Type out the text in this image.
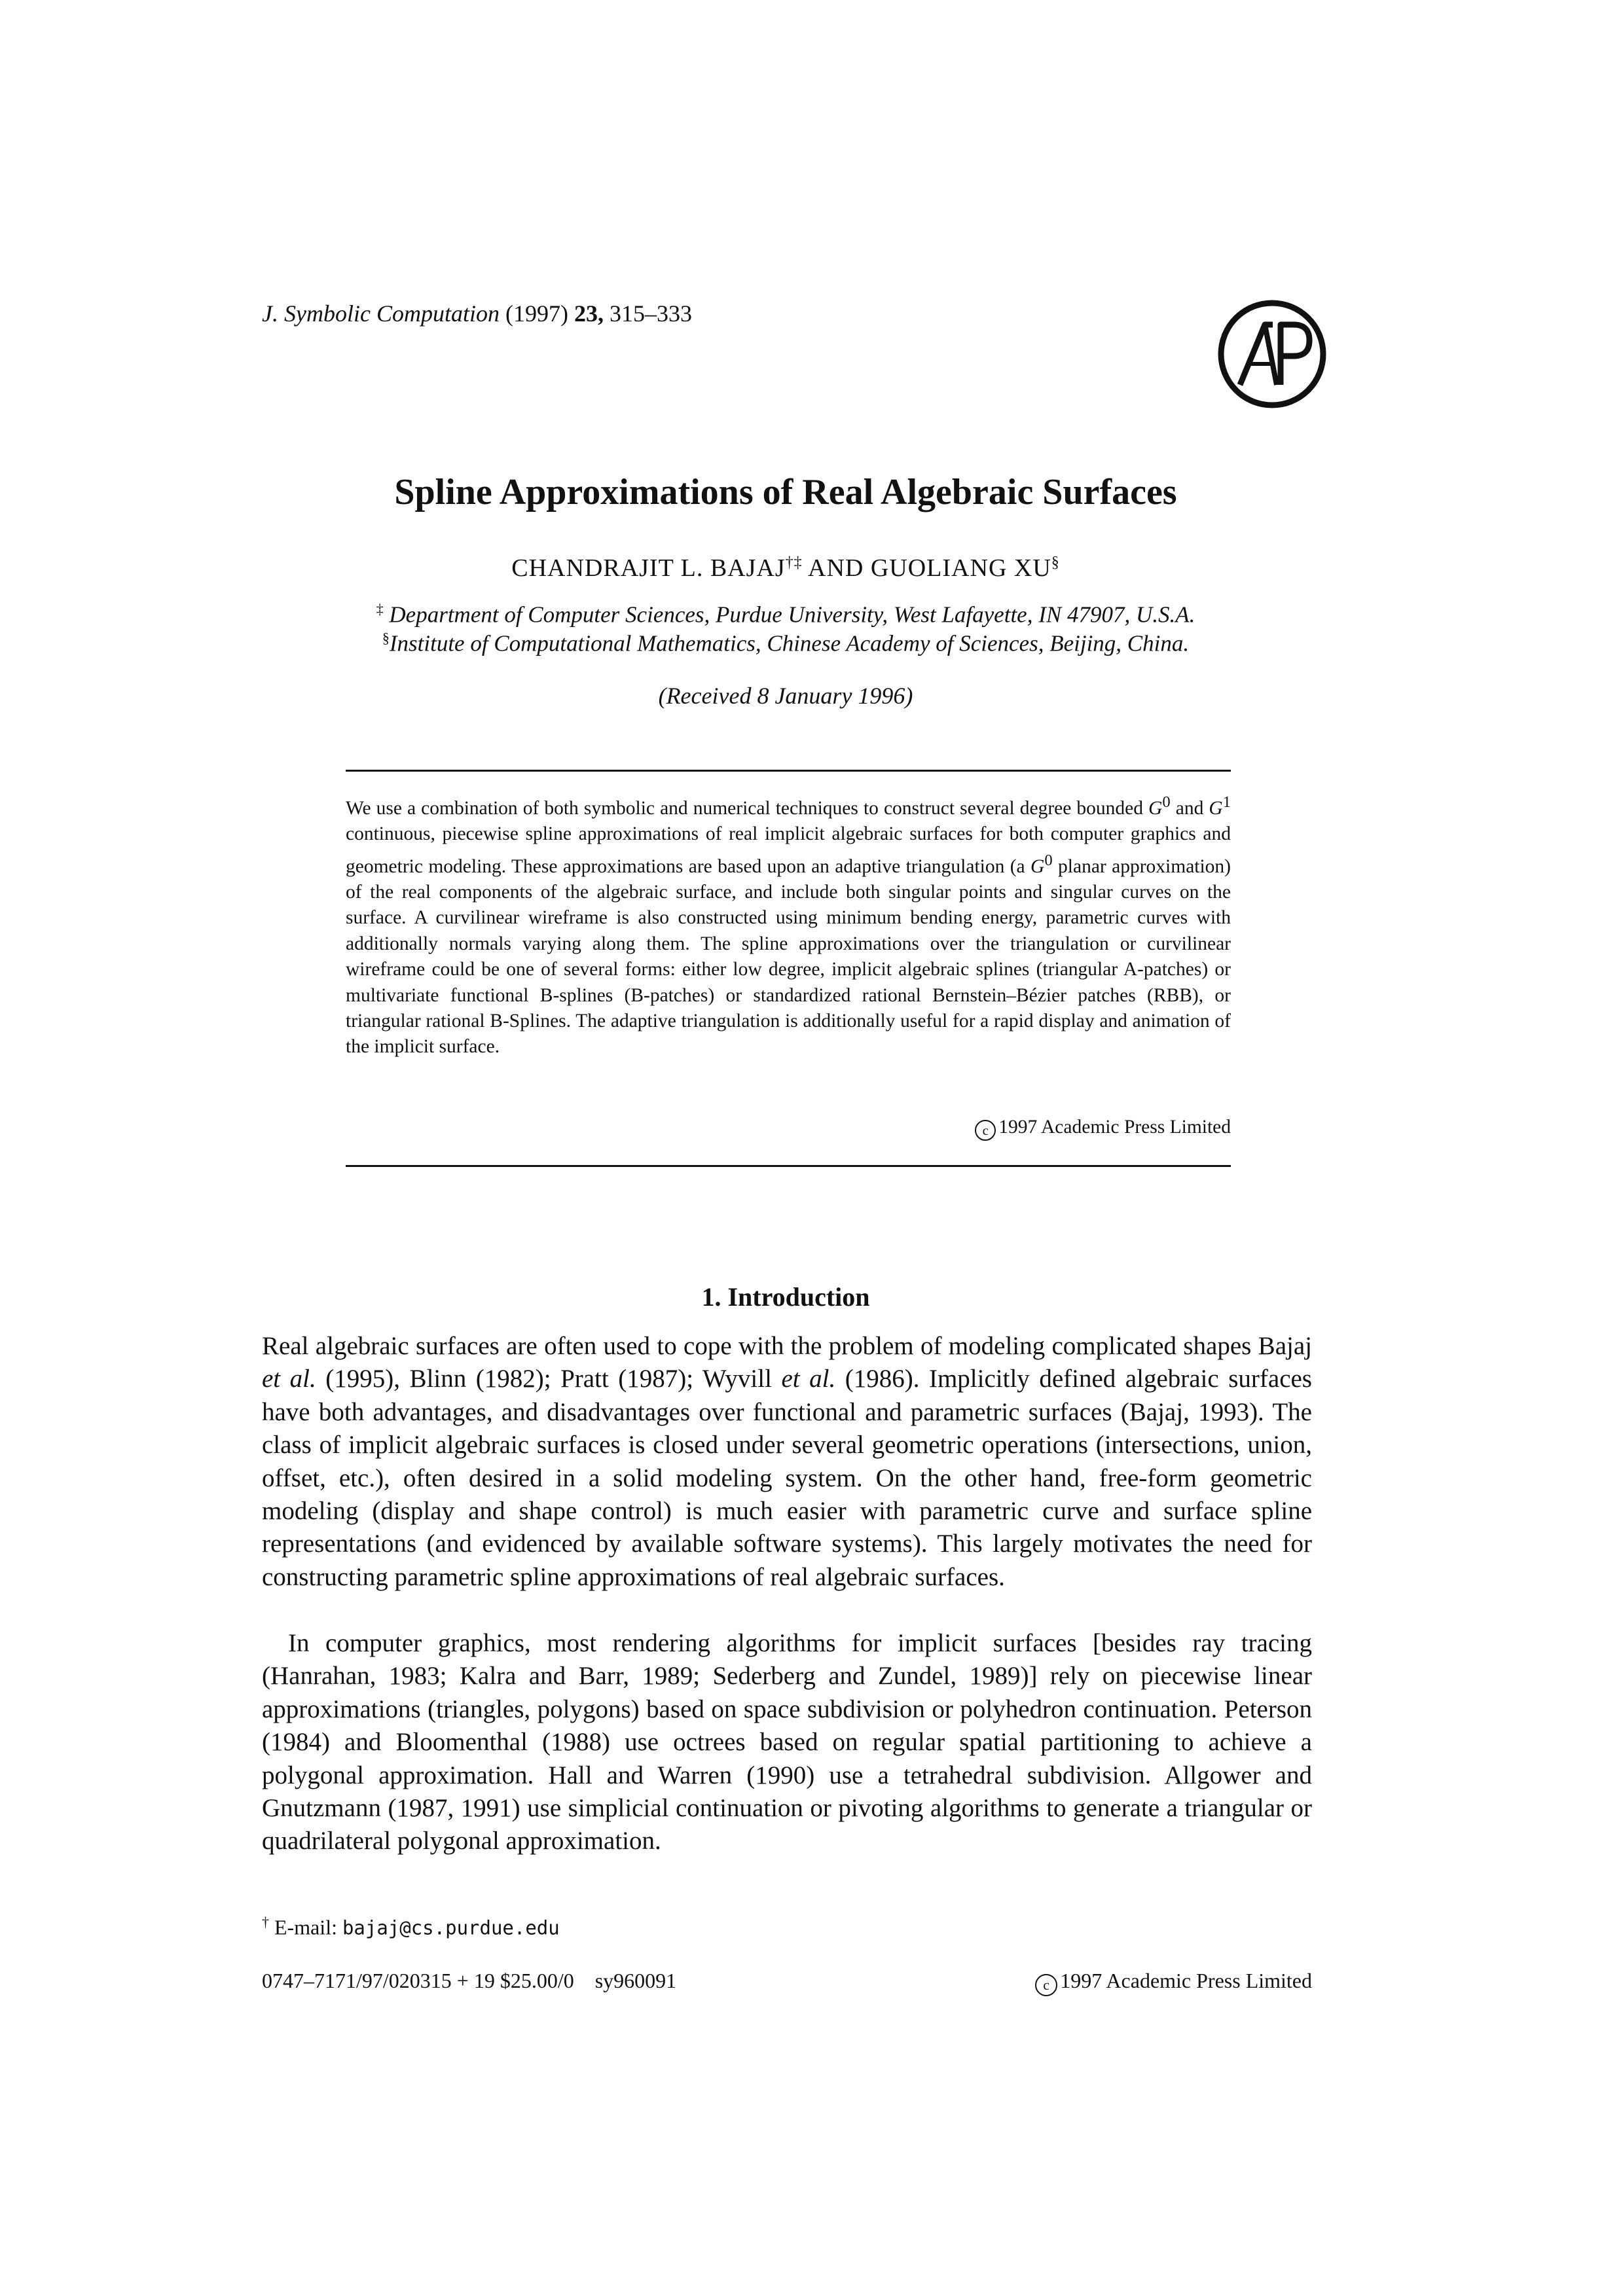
J. Symbolic Computation (1997) 23, 315–333
Spline Approximations of Real Algebraic Surfaces
CHANDRAJIT L. BAJAJ†‡ AND GUOLIANG XU§
‡ Department of Computer Sciences, Purdue University, West Lafayette, IN 47907, U.S.A.
§Institute of Computational Mathematics, Chinese Academy of Sciences, Beijing, China.
(Received 8 January 1996)

We use a combination of both symbolic and numerical techniques to construct several degree bounded $G^0$ and $G^1$ continuous, piecewise spline approximations of real implicit algebraic surfaces for both computer graphics and geometric modeling. These approximations are based upon an adaptive triangulation (a $G^0$ planar approximation) of the real components of the algebraic surface, and include both singular points and singular curves on the surface. A curvilinear wireframe is also constructed using minimum bending energy, parametric curves with additionally normals varying along them. The spline approximations over the triangulation or curvilinear wireframe could be one of several forms: either low degree, implicit algebraic splines (triangular A-patches) or multivariate functional B-splines (B-patches) or standardized rational Bernstein–Bézier patches (RBB), or triangular rational B-Splines. The adaptive triangulation is additionally useful for a rapid display and animation of the implicit surface.

c 1997 Academic Press Limited
1. Introduction

Real algebraic surfaces are often used to cope with the problem of modeling complicated shapes Bajaj et al. (1995), Blinn (1982); Pratt (1987); Wyvill et al. (1986). Implicitly defined algebraic surfaces have both advantages, and disadvantages over functional and parametric surfaces (Bajaj, 1993). The class of implicit algebraic surfaces is closed under several geometric operations (intersections, union, offset, etc.), often desired in a solid modeling system. On the other hand, free-form geometric modeling (display and shape control) is much easier with parametric curve and surface spline representations (and evidenced by available software systems). This largely motivates the need for constructing parametric spline approximations of real algebraic surfaces.

In computer graphics, most rendering algorithms for implicit surfaces [besides ray tracing (Hanrahan, 1983; Kalra and Barr, 1989; Sederberg and Zundel, 1989)] rely on piecewise linear approximations (triangles, polygons) based on space subdivision or polyhedron continuation. Peterson (1984) and Bloomenthal (1988) use octrees based on regular spatial partitioning to achieve a polygonal approximation. Hall and Warren (1990) use a tetrahedral subdivision. Allgower and Gnutzmann (1987, 1991) use simplicial continuation or pivoting algorithms to generate a triangular or quadrilateral polygonal approximation.

† E-mail: bajaj@cs.purdue.edu
0747–7171/97/020315 + 19 $25.00/0    sy960091	c 1997 Academic Press Limited
